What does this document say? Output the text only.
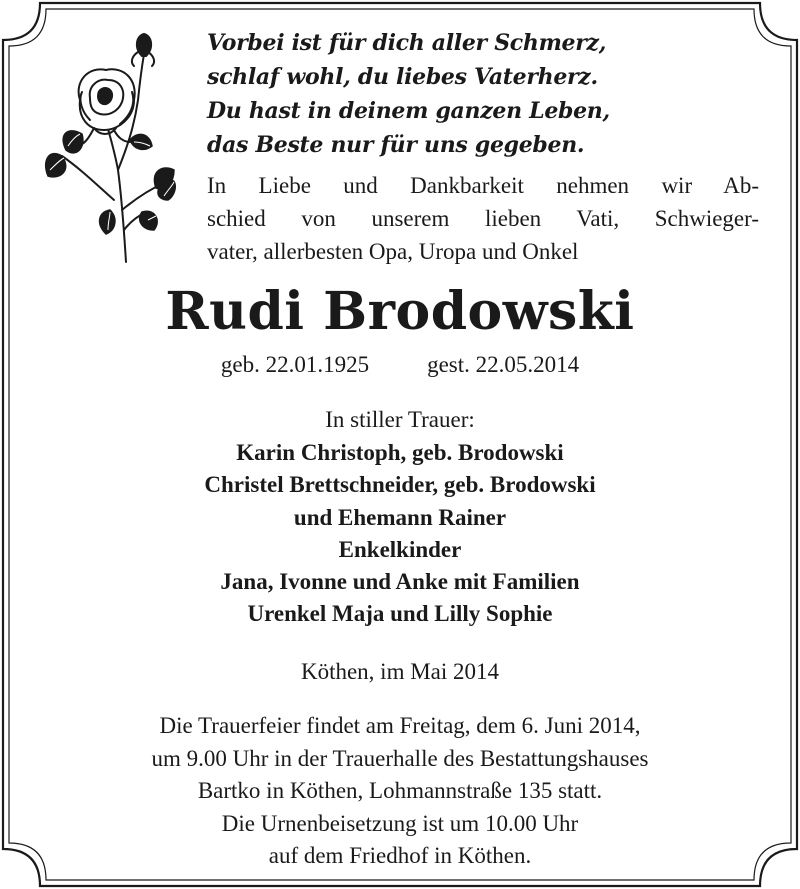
Vorbei ist für dich aller Schmerz,
schlaf wohl, du liebes Vaterherz.
Du hast in deinem ganzen Leben,
das Beste nur für uns gegeben.
In Liebe und Dankbarkeit nehmen wir Ab-
schied von unserem lieben Vati, Schwieger-
vater, allerbesten Opa, Uropa und Onkel
Rudi Brodowski
geb. 22.01.1925	gest. 22.05.2014
In stiller Trauer:
Karin Christoph, geb. Brodowski
Christel Brettschneider, geb. Brodowski
und Ehemann Rainer
Enkelkinder
Jana, Ivonne und Anke mit Familien
Urenkel Maja und Lilly Sophie
Köthen, im Mai 2014
Die Trauerfeier findet am Freitag, dem 6. Juni 2014,
um 9.00 Uhr in der Trauerhalle des Bestattungshauses
Bartko in Köthen, Lohmannstraße 135 statt.
Die Urnenbeisetzung ist um 10.00 Uhr
auf dem Friedhof in Köthen.
